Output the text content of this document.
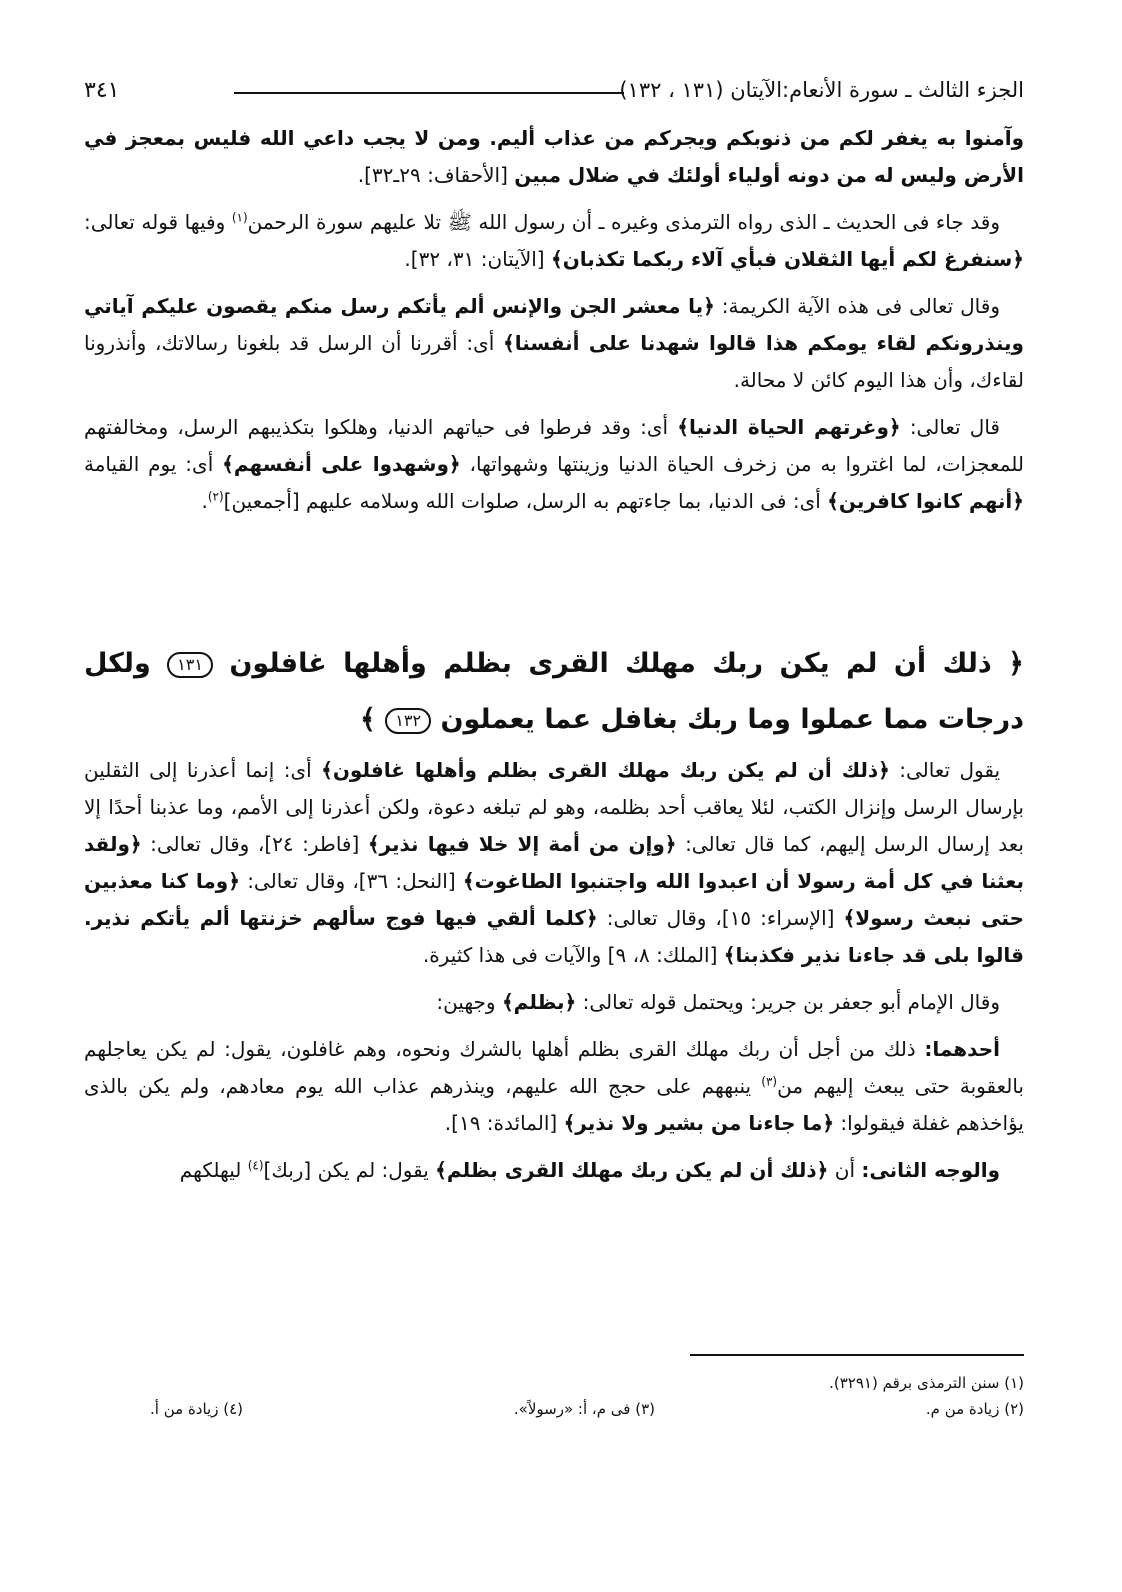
الجزء الثالث ـ سورة الأنعام:الآيتان (١٣١ ، ١٣٢)
٣٤١

وآمنوا به يغفر لكم من ذنوبكم ويجركم من عذاب أليم. ومن لا يجب داعي الله فليس بمعجز في الأرض وليس له من دونه أولياء أولئك في ضلال مبين [الأحقاف: ٢٩ـ٣٢].

وقد جاء فى الحديث ـ الذى رواه الترمذى وغيره ـ أن رسول الله ﷺ تلا عليهم سورة الرحمن$^{(١)}$ وفيها قوله تعالى: ﴿سنفرغ لكم أيها الثقلان فبأي آلاء ربكما تكذبان﴾ [الآيتان: ٣١، ٣٢].

وقال تعالى فى هذه الآية الكريمة: ﴿يا معشر الجن والإنس ألم يأتكم رسل منكم يقصون عليكم آياتي وينذرونكم لقاء يومكم هذا قالوا شهدنا على أنفسنا﴾ أى: أقررنا أن الرسل قد بلغونا رسالاتك، وأنذرونا لقاءك، وأن هذا اليوم كائن لا محالة.

قال تعالى: ﴿وغرتهم الحياة الدنيا﴾ أى: وقد فرطوا فى حياتهم الدنيا، وهلكوا بتكذيبهم الرسل، ومخالفتهم للمعجزات، لما اغتروا به من زخرف الحياة الدنيا وزينتها وشهواتها، ﴿وشهدوا على أنفسهم﴾ أى: يوم القيامة ﴿أنهم كانوا كافرين﴾ أى: فى الدنيا، بما جاءتهم به الرسل، صلوات الله وسلامه عليهم [أجمعين]$^{(٢)}$.

﴿ ذلك أن لم يكن ربك مهلك القرى بظلم وأهلها غافلون ١٣١ ولكل درجات مما عملوا وما ربك بغافل عما يعملون ١٣٢ ﴾

يقول تعالى: ﴿ذلك أن لم يكن ربك مهلك القرى بظلم وأهلها غافلون﴾ أى: إنما أعذرنا إلى الثقلين بإرسال الرسل وإنزال الكتب، لئلا يعاقب أحد بظلمه، وهو لم تبلغه دعوة، ولكن أعذرنا إلى الأمم، وما عذبنا أحدًا إلا بعد إرسال الرسل إليهم، كما قال تعالى: ﴿وإن من أمة إلا خلا فيها نذير﴾ [فاطر: ٢٤]، وقال تعالى: ﴿ولقد بعثنا في كل أمة رسولا أن اعبدوا الله واجتنبوا الطاغوت﴾ [النحل: ٣٦]، وقال تعالى: ﴿وما كنا معذبين حتى نبعث رسولا﴾ [الإسراء: ١٥]، وقال تعالى: ﴿كلما ألقي فيها فوج سألهم خزنتها ألم يأتكم نذير. قالوا بلى قد جاءنا نذير فكذبنا﴾ [الملك: ٨، ٩] والآيات فى هذا كثيرة.

وقال الإمام أبو جعفر بن جرير: ويحتمل قوله تعالى: ﴿بظلم﴾ وجهين:

أحدهما: ذلك من أجل أن ربك مهلك القرى بظلم أهلها بالشرك ونحوه، وهم غافلون، يقول: لم يكن يعاجلهم بالعقوبة حتى يبعث إليهم من$^{(٣)}$ ينبههم على حجج الله عليهم، وينذرهم عذاب الله يوم معادهم، ولم يكن بالذى يؤاخذهم غفلة فيقولوا: ﴿ما جاءنا من بشير ولا نذير﴾ [المائدة: ١٩].

والوجه الثانى: أن ﴿ذلك أن لم يكن ربك مهلك القرى بظلم﴾ يقول: لم يكن [ربك]$^{(٤)}$ ليهلكهم

(١) سنن الترمذى برقم (٣٢٩١).
(٢) زيادة من م.
(٣) فى م، أ: «رسولاً».
(٤) زيادة من أ.
